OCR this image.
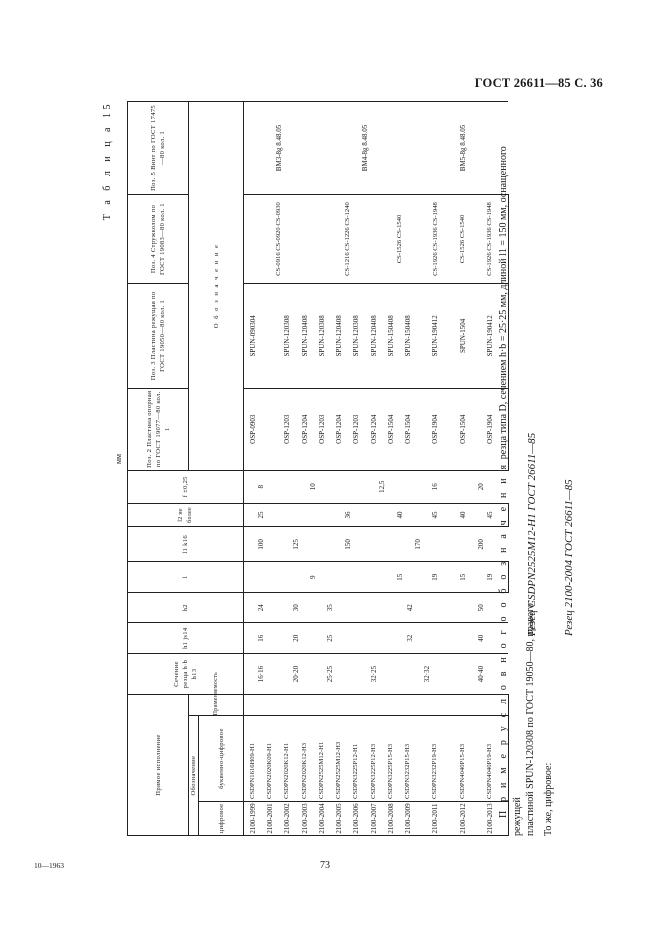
ГОСТ 26611—85 С. 36
Т а б л и ц а 15
мм
Прямое исполнение			Сечение резца h·b h13	h1 js14	h2	l	l1 k16	l2 не более	f ±0,25	Поз. 2 Пластина опорная по ГОСТ 19077—80 кол. 1	Поз. 3 Пластина режущая по ГОСТ 19050—80 кол. 1	Поз. 4 Стружколом по ГОСТ 19083—80 кол. 1	Поз. 5 Винт по ГОСТ 17475—80 кол. 1
Обозначение		Применяемость								О б о з н а ч е н и е			
цифровое	буквенно-цифровое												
2100-1999	CSDPN1616H09-H1		16·16	16	24	9	100	25	8	OSP-0903	SPUN-090304	CS-0916 CS-0920 CS-0930	BM3-8g 8.48.05
2100-2001	CSDPN2020K09-H1												
2100-2002	CSDPN2020K12-H1		20·20	20	30		125		10	OSP-1203	SPUN-120308		
2100-2003	CSDPN2020K12-H3									OSP-1204	SPUN-120408		
2100-2004	CSDPN2525M12-H1		25·25	25	35		150	36		OSP-1203	SPUN-120308	CS-1216 CS-1226 CS-1240	BM4-8g 8.48.05
2100-2005	CSDPN2525M12-H3									OSP-1204	SPUN-120408		
2100-2006	CSDPN3225P12-H1		32·25						12,5	OSP-1203	SPUN-120308		
2100-2007	CSDPN3225P12-H3			32	42					OSP-1204	SPUN-120408		
2100-2008	CSDPN3225P15-H3					15	170	40		OSP-1504	SPUN-150408	CS-1526 CS-1540	
2100-2009	CSDPN3232P15-H3		32·32							OSP-1504	SPUN-150408		
2100-2011	CSDPN3232P19-H3					19		45	16	OSP-1904	SPUN-190412	CS-1926 CS-1936 CS-1948	BM5-8g 8.48.05
2100-2012	CSDPN4040P15-H3		40·40	40	50	15	200	40	20	OSP-1504	SPUN-1504	CS-1526 CS-1540	
2100-2013	CSDPN4040P19-H3					19		45		OSP-1904	SPUN-190412	CS-1926 CS-1936 CS-1948	
П р и м е р у с л о в н о г о о б о з н а ч е н и я резца типа D, сечением h·b = 25·25 мм, длиной l1 = 150 мм, оснащенного режущей пластиной SPUN-120308 по ГОСТ 19050—80, правого:
Резец CSDPN2525M12-H1 ГОСТ 26611—85 Резец 2100-2004 ГОСТ 26611—85
То же, цифровое:
10—1963	73
